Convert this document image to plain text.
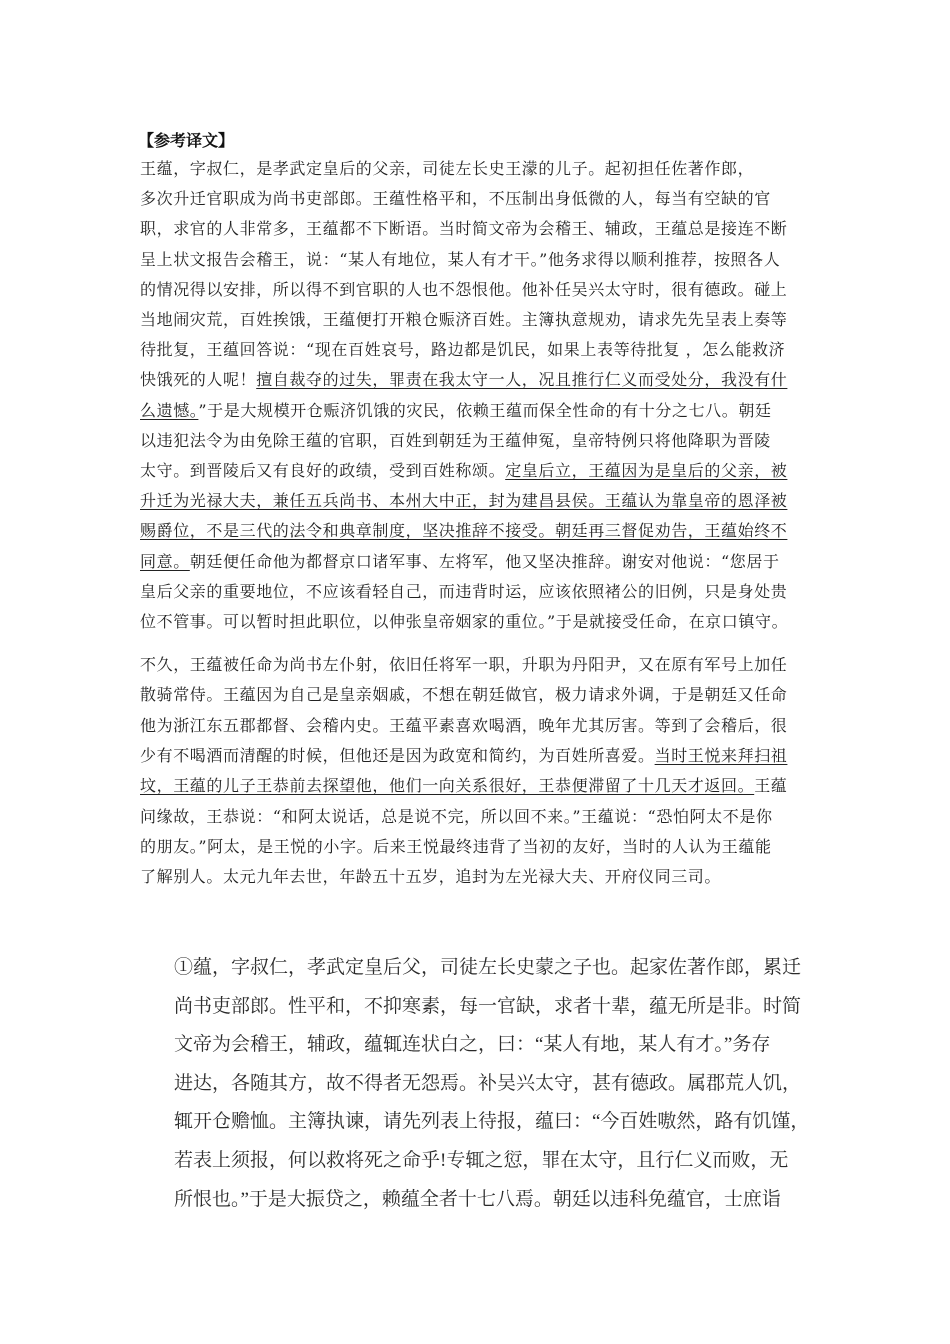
【参考译文】
王蕴，字叔仁，是孝武定皇后的父亲，司徒左长史王濛的儿子。起初担任佐著作郎，
多次升迁官职成为尚书吏部郎。王蕴性格平和，不压制出身低微的人，每当有空缺的官
职，求官的人非常多，王蕴都不下断语。当时简文帝为会稽王、辅政，王蕴总是接连不断
呈上状文报告会稽王，说：“某人有地位，某人有才干。”他务求得以顺利推荐，按照各人
的情况得以安排，所以得不到官职的人也不怨恨他。他补任吴兴太守时，很有德政。碰上
当地闹灾荒，百姓挨饿，王蕴便打开粮仓赈济百姓。主簿执意规劝，请求先先呈表上奏等
待批复，王蕴回答说：“现在百姓哀号，路边都是饥民，如果上表等待批复 ，怎么能救济
快饿死的人呢！擅自裁夺的过失，罪责在我太守一人，况且推行仁义而受处分，我没有什
么遗憾。”于是大规模开仓赈济饥饿的灾民，依赖王蕴而保全性命的有十分之七八。朝廷
以违犯法令为由免除王蕴的官职，百姓到朝廷为王蕴伸冤，皇帝特例只将他降职为晋陵
太守。到晋陵后又有良好的政绩，受到百姓称颂。定皇后立，王蕴因为是皇后的父亲，被
升迁为光禄大夫，兼任五兵尚书、本州大中正，封为建昌县侯。王蕴认为靠皇帝的恩泽被
赐爵位，不是三代的法令和典章制度，坚决推辞不接受。朝廷再三督促劝告，王蕴始终不
同意。朝廷便任命他为都督京口诸军事、左将军，他又坚决推辞。谢安对他说：“您居于
皇后父亲的重要地位，不应该看轻自己，而违背时运，应该依照褚公的旧例，只是身处贵
位不管事。可以暂时担此职位，以伸张皇帝姻家的重位。”于是就接受任命，在京口镇守。
不久，王蕴被任命为尚书左仆射，依旧任将军一职，升职为丹阳尹，又在原有军号上加任
散骑常侍。王蕴因为自己是皇亲姻戚，不想在朝廷做官，极力请求外调，于是朝廷又任命
他为浙江东五郡都督、会稽内史。王蕴平素喜欢喝酒，晚年尤其厉害。等到了会稽后，很
少有不喝酒而清醒的时候，但他还是因为政宽和简约，为百姓所喜爱。当时王悦来拜扫祖
坟，王蕴的儿子王恭前去探望他，他们一向关系很好，王恭便滞留了十几天才返回。王蕴
问缘故，王恭说：“和阿太说话，总是说不完，所以回不来。”王蕴说：“恐怕阿太不是你
的朋友。”阿太，是王悦的小字。后来王悦最终违背了当初的友好，当时的人认为王蕴能
了解别人。太元九年去世，年龄五十五岁，追封为左光禄大夫、开府仪同三司。
①蕴，字叔仁，孝武定皇后父，司徒左长史蒙之子也。起家佐著作郎，累迁
尚书吏部郎。性平和，不抑寒素，每一官缺，求者十辈，蕴无所是非。时简
文帝为会稽王，辅政，蕴辄连状白之，曰：“某人有地，某人有才。”务存
进达，各随其方，故不得者无怨焉。补吴兴太守，甚有德政。属郡荒人饥，
辄开仓赡恤。主簿执谏，请先列表上待报，蕴曰：“今百姓嗷然，路有饥馑，
若表上须报，何以救将死之命乎!专辄之愆，罪在太守，且行仁义而败，无
所恨也。”于是大振贷之，赖蕴全者十七八焉。朝廷以违科免蕴官，士庶诣
